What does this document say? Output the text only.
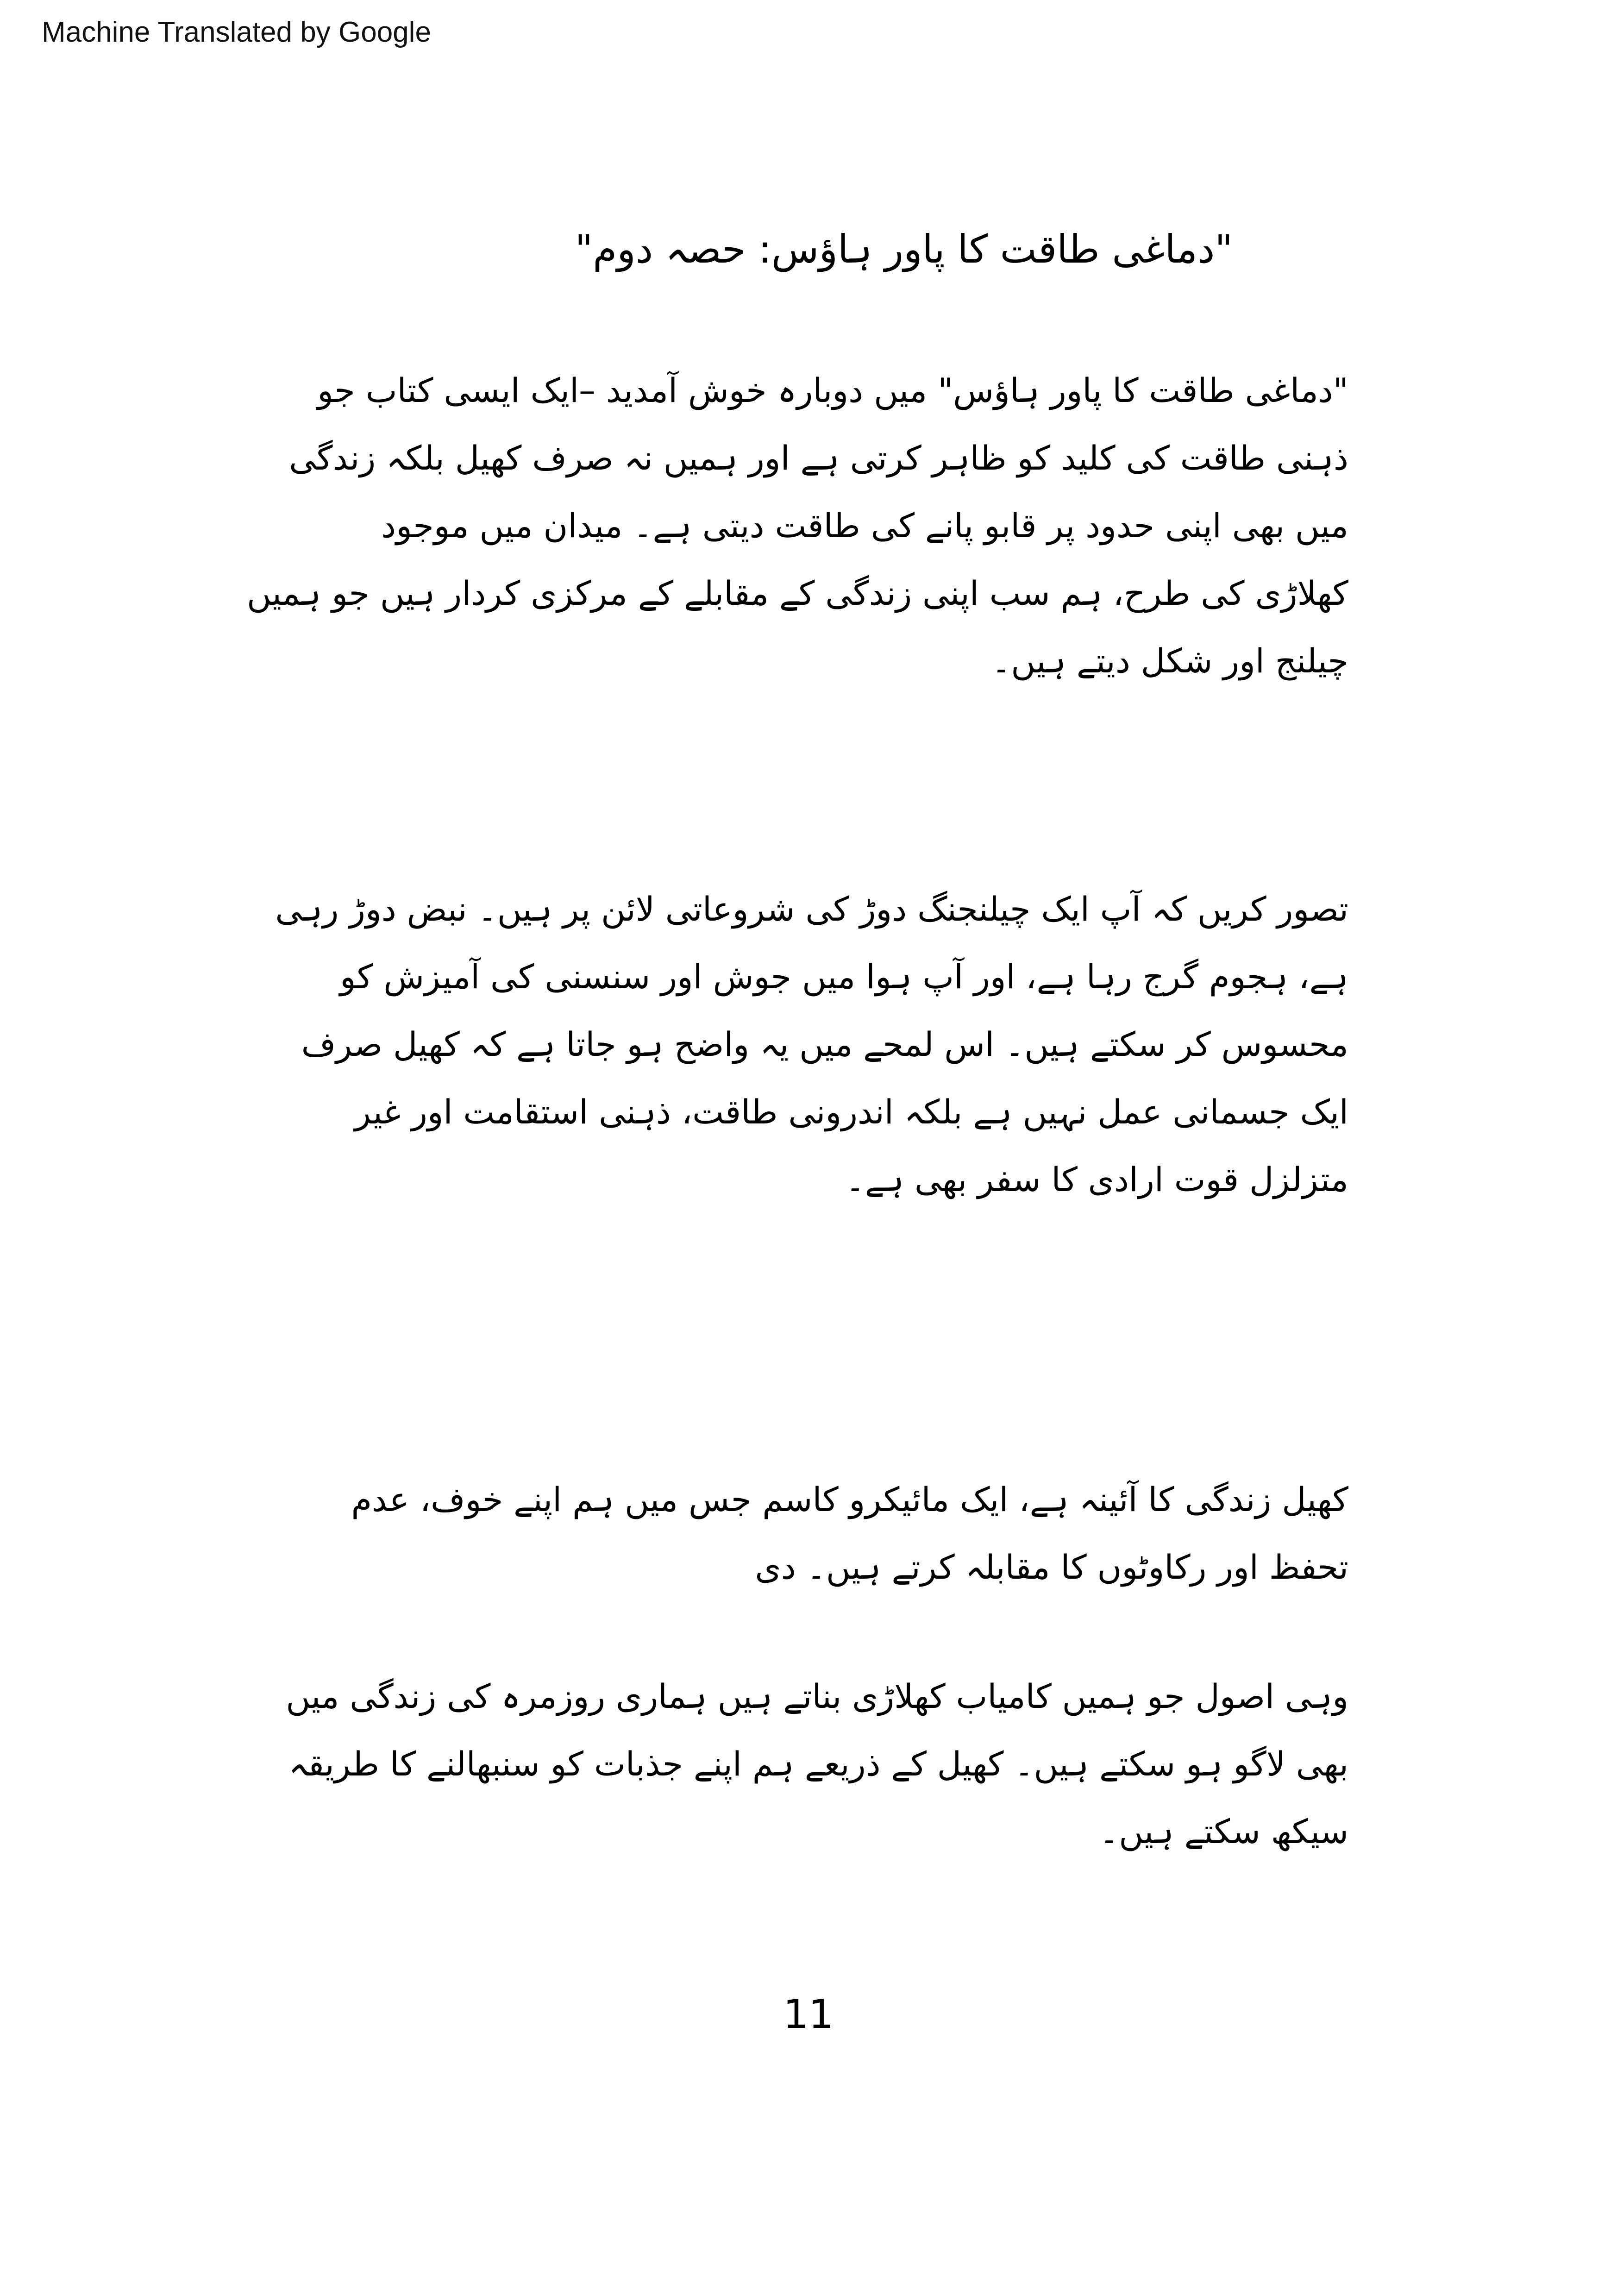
Machine Translated by Google
"دماغی طاقت کا پاور ہاؤس: حصہ دوم"
"دماغی طاقت کا پاور ہاؤس" میں دوبارہ خوش آمدید –ایک ایسی کتاب جو
ذہنی طاقت کی کلید کو ظاہر کرتی ہے اور ہمیں نہ صرف کھیل بلکہ زندگی
میں بھی اپنی حدود پر قابو پانے کی طاقت دیتی ہے۔ میدان میں موجود
کھلاڑی کی طرح، ہم سب اپنی زندگی کے مقابلے کے مرکزی کردار ہیں جو ہمیں
چیلنج اور شکل دیتے ہیں۔
تصور کریں کہ آپ ایک چیلنجنگ دوڑ کی شروعاتی لائن پر ہیں۔ نبض دوڑ رہی
ہے، ہجوم گرج رہا ہے، اور آپ ہوا میں جوش اور سنسنی کی آمیزش کو
محسوس کر سکتے ہیں۔ اس لمحے میں یہ واضح ہو جاتا ہے کہ کھیل صرف
ایک جسمانی عمل نہیں ہے بلکہ اندرونی طاقت، ذہنی استقامت اور غیر
متزلزل قوت ارادی کا سفر بھی ہے۔
کھیل زندگی کا آئینہ ہے، ایک مائیکرو کاسم جس میں ہم اپنے خوف، عدم
تحفظ اور رکاوٹوں کا مقابلہ کرتے ہیں۔ دی
وہی اصول جو ہمیں کامیاب کھلاڑی بناتے ہیں ہماری روزمرہ کی زندگی میں
بھی لاگو ہو سکتے ہیں۔ کھیل کے ذریعے ہم اپنے جذبات کو سنبھالنے کا طریقہ
سیکھ سکتے ہیں۔
11
